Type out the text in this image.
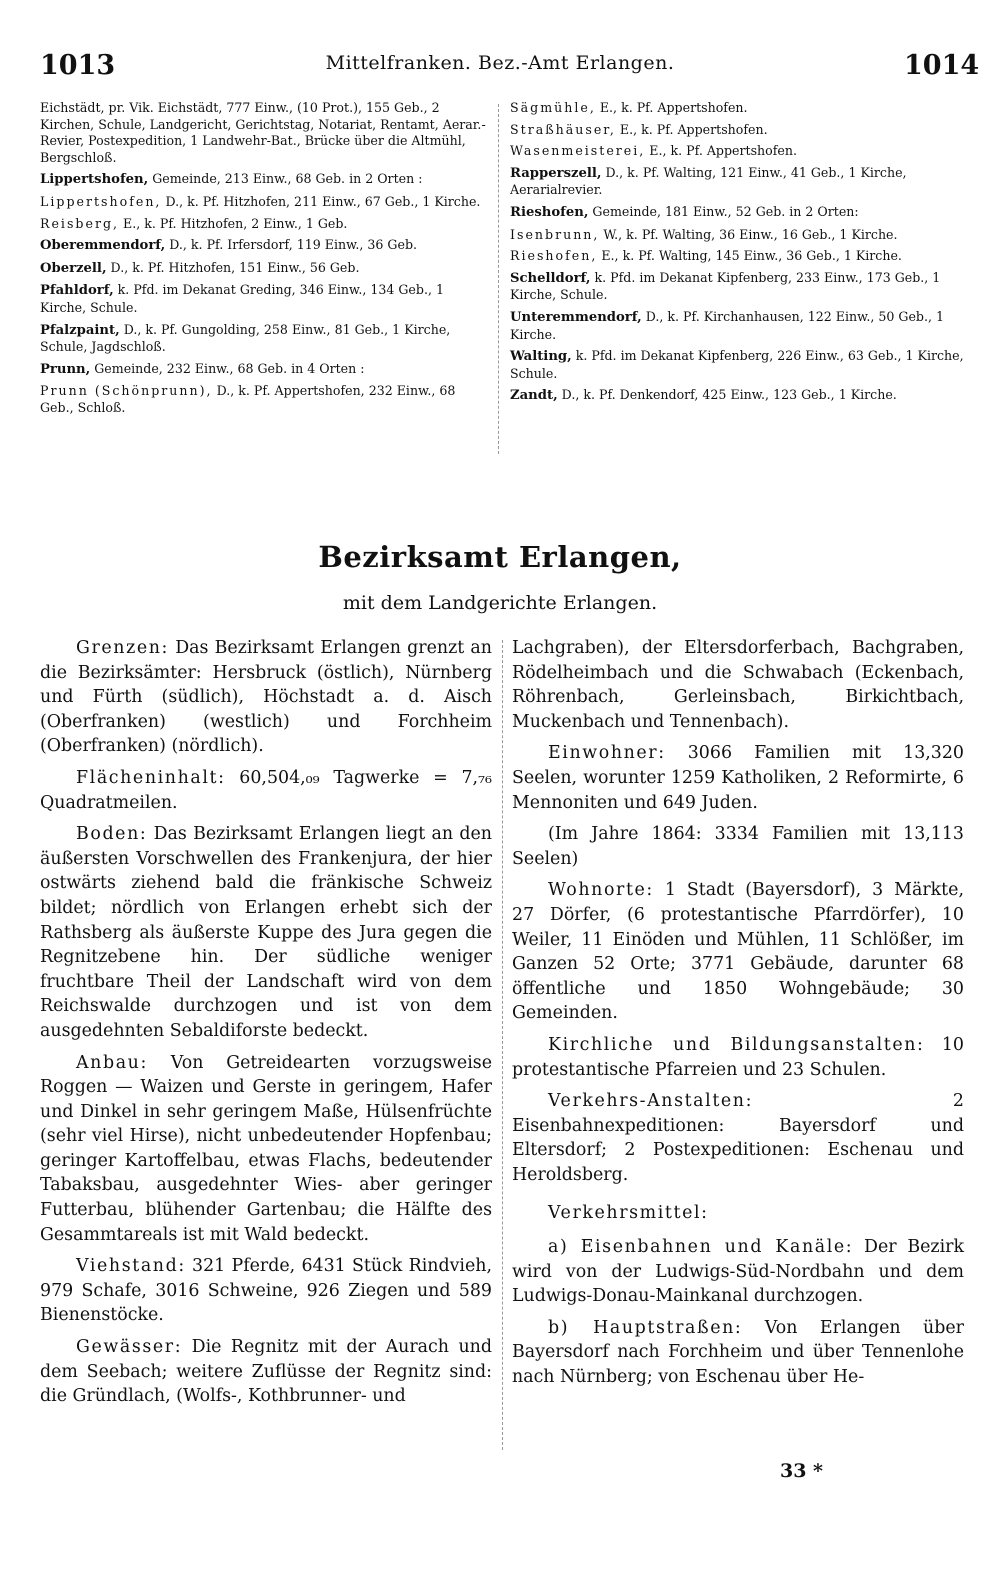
1013	Mittelfranken. Bez.-Amt Erlangen.	1014
Eichstädt, pr. Vik. Eichstädt, 777 Einw., (10 Prot.), 155 Geb., 2 Kirchen, Schule, Landgericht, Gerichtstag, Notariat, Rentamt, Aerar.-Revier, Postexpedition, 1 Landwehr-Bat., Brücke über die Altmühl, Bergschloß.
Lippertshofen, Gemeinde, 213 Einw., 68 Geb. in 2 Orten :
Lippertshofen, D., k. Pf. Hitzhofen, 211 Einw., 67 Geb., 1 Kirche.
Reisberg, E., k. Pf. Hitzhofen, 2 Einw., 1 Geb.
Oberemmendorf, D., k. Pf. Irfersdorf, 119 Einw., 36 Geb.
Oberzell, D., k. Pf. Hitzhofen, 151 Einw., 56 Geb.
Pfahldorf, k. Pfd. im Dekanat Greding, 346 Einw., 134 Geb., 1 Kirche, Schule.
Pfalzpaint, D., k. Pf. Gungolding, 258 Einw., 81 Geb., 1 Kirche, Schule, Jagdschloß.
Prunn, Gemeinde, 232 Einw., 68 Geb. in 4 Orten :
Prunn (Schönprunn), D., k. Pf. Appertshofen, 232 Einw., 68 Geb., Schloß.
Sägmühle, E., k. Pf. Appertshofen.
Straßhäuser, E., k. Pf. Appertshofen.
Wasenmeisterei, E., k. Pf. Appertshofen.
Rapperszell, D., k. Pf. Walting, 121 Einw., 41 Geb., 1 Kirche, Aerarialrevier.
Rieshofen, Gemeinde, 181 Einw., 52 Geb. in 2 Orten:
Isenbrunn, W., k. Pf. Walting, 36 Einw., 16 Geb., 1 Kirche.
Rieshofen, E., k. Pf. Walting, 145 Einw., 36 Geb., 1 Kirche.
Schelldorf, k. Pfd. im Dekanat Kipfenberg, 233 Einw., 173 Geb., 1 Kirche, Schule.
Unteremmendorf, D., k. Pf. Kirchanhausen, 122 Einw., 50 Geb., 1 Kirche.
Walting, k. Pfd. im Dekanat Kipfenberg, 226 Einw., 63 Geb., 1 Kirche, Schule.
Zandt, D., k. Pf. Denkendorf, 425 Einw., 123 Geb., 1 Kirche.
Bezirksamt Erlangen,
mit dem Landgerichte Erlangen.

Grenzen: Das Bezirksamt Erlangen grenzt an die Bezirksämter: Hersbruck (östlich), Nürnberg und Fürth (südlich), Höchstadt a. d. Aisch (Oberfranken) (westlich) und Forchheim (Oberfranken) (nördlich).

Flächeninhalt: 60,504,₀₉ Tagwerke = 7,₇₆ Quadratmeilen.

Boden: Das Bezirksamt Erlangen liegt an den äußersten Vorschwellen des Frankenjura, der hier ostwärts ziehend bald die fränkische Schweiz bildet; nördlich von Erlangen erhebt sich der Rathsberg als äußerste Kuppe des Jura gegen die Regnitzebene hin. Der südliche weniger fruchtbare Theil der Landschaft wird von dem Reichswalde durchzogen und ist von dem ausgedehnten Sebaldiforste bedeckt.

Anbau: Von Getreidearten vorzugsweise Roggen — Waizen und Gerste in geringem, Hafer und Dinkel in sehr geringem Maße, Hülsenfrüchte (sehr viel Hirse), nicht unbedeutender Hopfenbau; geringer Kartoffelbau, etwas Flachs, bedeutender Tabaksbau, ausgedehnter Wies- aber geringer Futterbau, blühender Gartenbau; die Hälfte des Gesammtareals ist mit Wald bedeckt.

Viehstand: 321 Pferde, 6431 Stück Rindvieh, 979 Schafe, 3016 Schweine, 926 Ziegen und 589 Bienenstöcke.

Gewässer: Die Regnitz mit der Aurach und dem Seebach; weitere Zuflüsse der Regnitz sind: die Gründlach, (Wolfs-, Kothbrunner- und

Lachgraben), der Eltersdorferbach, Bachgraben, Rödelheimbach und die Schwabach (Eckenbach, Röhrenbach, Gerleinsbach, Birkichtbach, Muckenbach und Tennenbach).

Einwohner: 3066 Familien mit 13,320 Seelen, worunter 1259 Katholiken, 2 Reformirte, 6 Mennoniten und 649 Juden.

(Im Jahre 1864: 3334 Familien mit 13,113 Seelen)

Wohnorte: 1 Stadt (Bayersdorf), 3 Märkte, 27 Dörfer, (6 protestantische Pfarrdörfer), 10 Weiler, 11 Einöden und Mühlen, 11 Schlößer, im Ganzen 52 Orte; 3771 Gebäude, darunter 68 öffentliche und 1850 Wohngebäude; 30 Gemeinden.

Kirchliche und Bildungsanstalten: 10 protestantische Pfarreien und 23 Schulen.

Verkehrs-Anstalten: 2 Eisenbahnexpeditionen: Bayersdorf und Eltersdorf; 2 Postexpeditionen: Eschenau und Heroldsberg.

Verkehrsmittel:

a) Eisenbahnen und Kanäle: Der Bezirk wird von der Ludwigs-Süd-Nordbahn und dem Ludwigs-Donau-Mainkanal durchzogen.

b) Hauptstraßen: Von Erlangen über Bayersdorf nach Forchheim und über Tennenlohe nach Nürnberg; von Eschenau über He-

33 *
